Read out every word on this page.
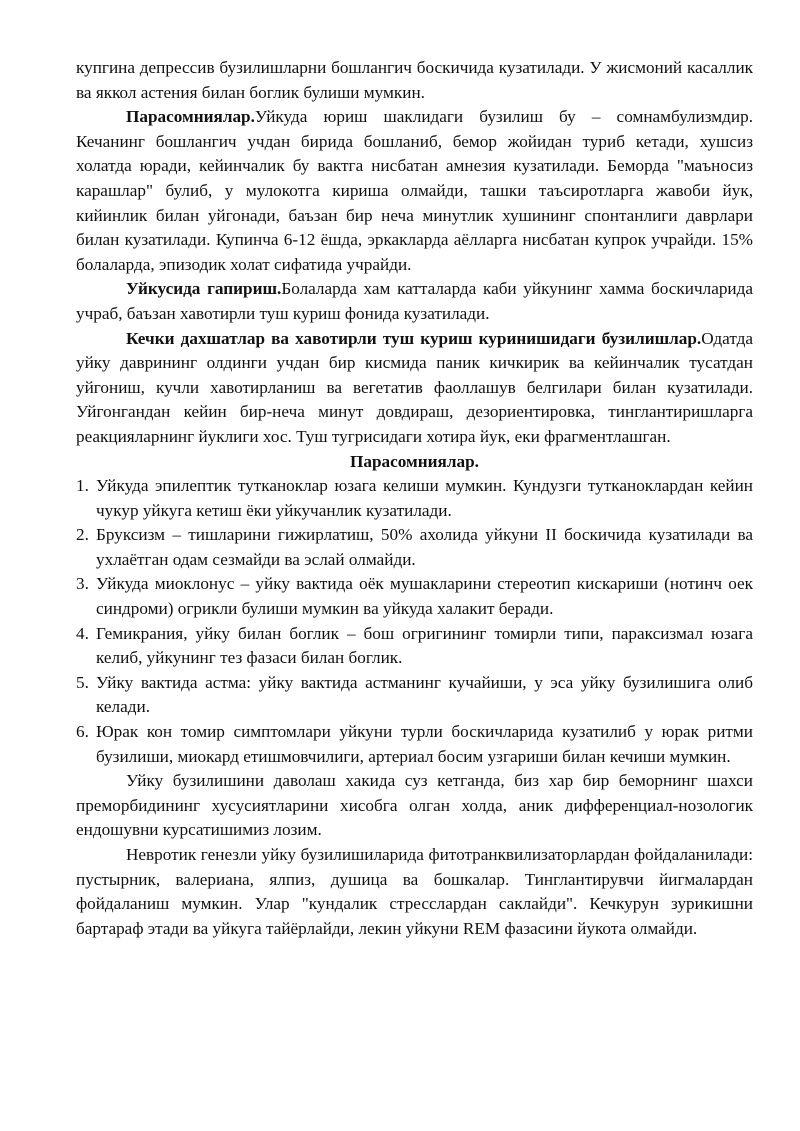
купгина депрессив бузилишларни бошлангич боскичида кузатилади. У жисмоний касаллик ва яккол астения билан боглик булиши мумкин.

Парасомниялар.Уйкуда юриш шаклидаги бузилиш бу – сомнамбулизмдир. Кечанинг бошлангич учдан бирида бошланиб, бемор жойидан туриб кетади, хушсиз холатда юради, кейинчалик бу вактга нисбатан амнезия кузатилади. Беморда "маъносиз карашлар" булиб, у мулокотга кириша олмайди, ташки таъсиротларга жавоби йук, кийинлик билан уйгонади, баъзан бир неча минутлик хушининг спонтанлиги даврлари билан кузатилади. Купинча 6-12 ёшда, эркакларда аёлларга нисбатан купрок учрайди. 15% болаларда, эпизодик холат сифатида учрайди.

Уйкусида гапириш.Болаларда хам катталарда каби уйкунинг хамма боскичларида учраб, баъзан хавотирли туш куриш фонида кузатилади.

Кечки дахшатлар ва хавотирли туш куриш куринишидаги бузилишлар.Одатда уйку даврининг олдинги учдан бир кисмида паник кичкирик ва кейинчалик тусатдан уйгониш, кучли хавотирланиш ва вегетатив фаоллашув белгилари билан кузатилади. Уйгонгандан кейин бир-неча минут довдираш, дезориентировка, тинглантиришларга реакцияларнинг йуклиги хос. Туш тугрисидаги хотира йук, еки фрагментлашган.

Парасомниялар.

1. Уйкуда эпилептик тутканоклар юзага келиши мумкин. Кундузги тутканоклардан кейин чукур уйкуга кетиш ёки уйкучанлик кузатилади.
2. Бруксизм – тишларини гижирлатиш, 50% ахолида уйкуни II боскичида кузатилади ва ухлаётган одам сезмайди ва эслай олмайди.
3. Уйкуда миоклонус – уйку вактида оёк мушакларини стереотип кискариши (нотинч оек синдроми) огрикли булиши мумкин ва уйкуда халакит беради.
4. Гемикрания, уйку билан боглик – бош огригининг томирли типи, параксизмал юзага келиб, уйкунинг тез фазаси билан боглик.
5. Уйку вактида астма: уйку вактида астманинг кучайиши, у эса уйку бузилишига олиб келади.
6. Юрак кон томир симптомлари уйкуни турли боскичларида кузатилиб у юрак ритми бузилиши, миокард етишмовчилиги, артериал босим узгариши билан кечиши мумкин.

Уйку бузилишини даволаш хакида суз кетганда, биз хар бир беморнинг шахси преморбидининг хусусиятларини хисобга олган холда, аник дифференциал-нозологик ендошувни курсатишимиз лозим.

Невротик генезли уйку бузилишиларида фитотранквилизаторлардан фойдаланилади: пустырник, валериана, ялпиз, душица ва бошкалар. Тинглантирувчи йигмалардан фойдаланиш мумкин. Улар "кундалик стресслардан саклайди". Кечкурун зурикишни бартараф этади ва уйкуга тайёрлайди, лекин уйкуни REM фазасини йукота олмайди.
